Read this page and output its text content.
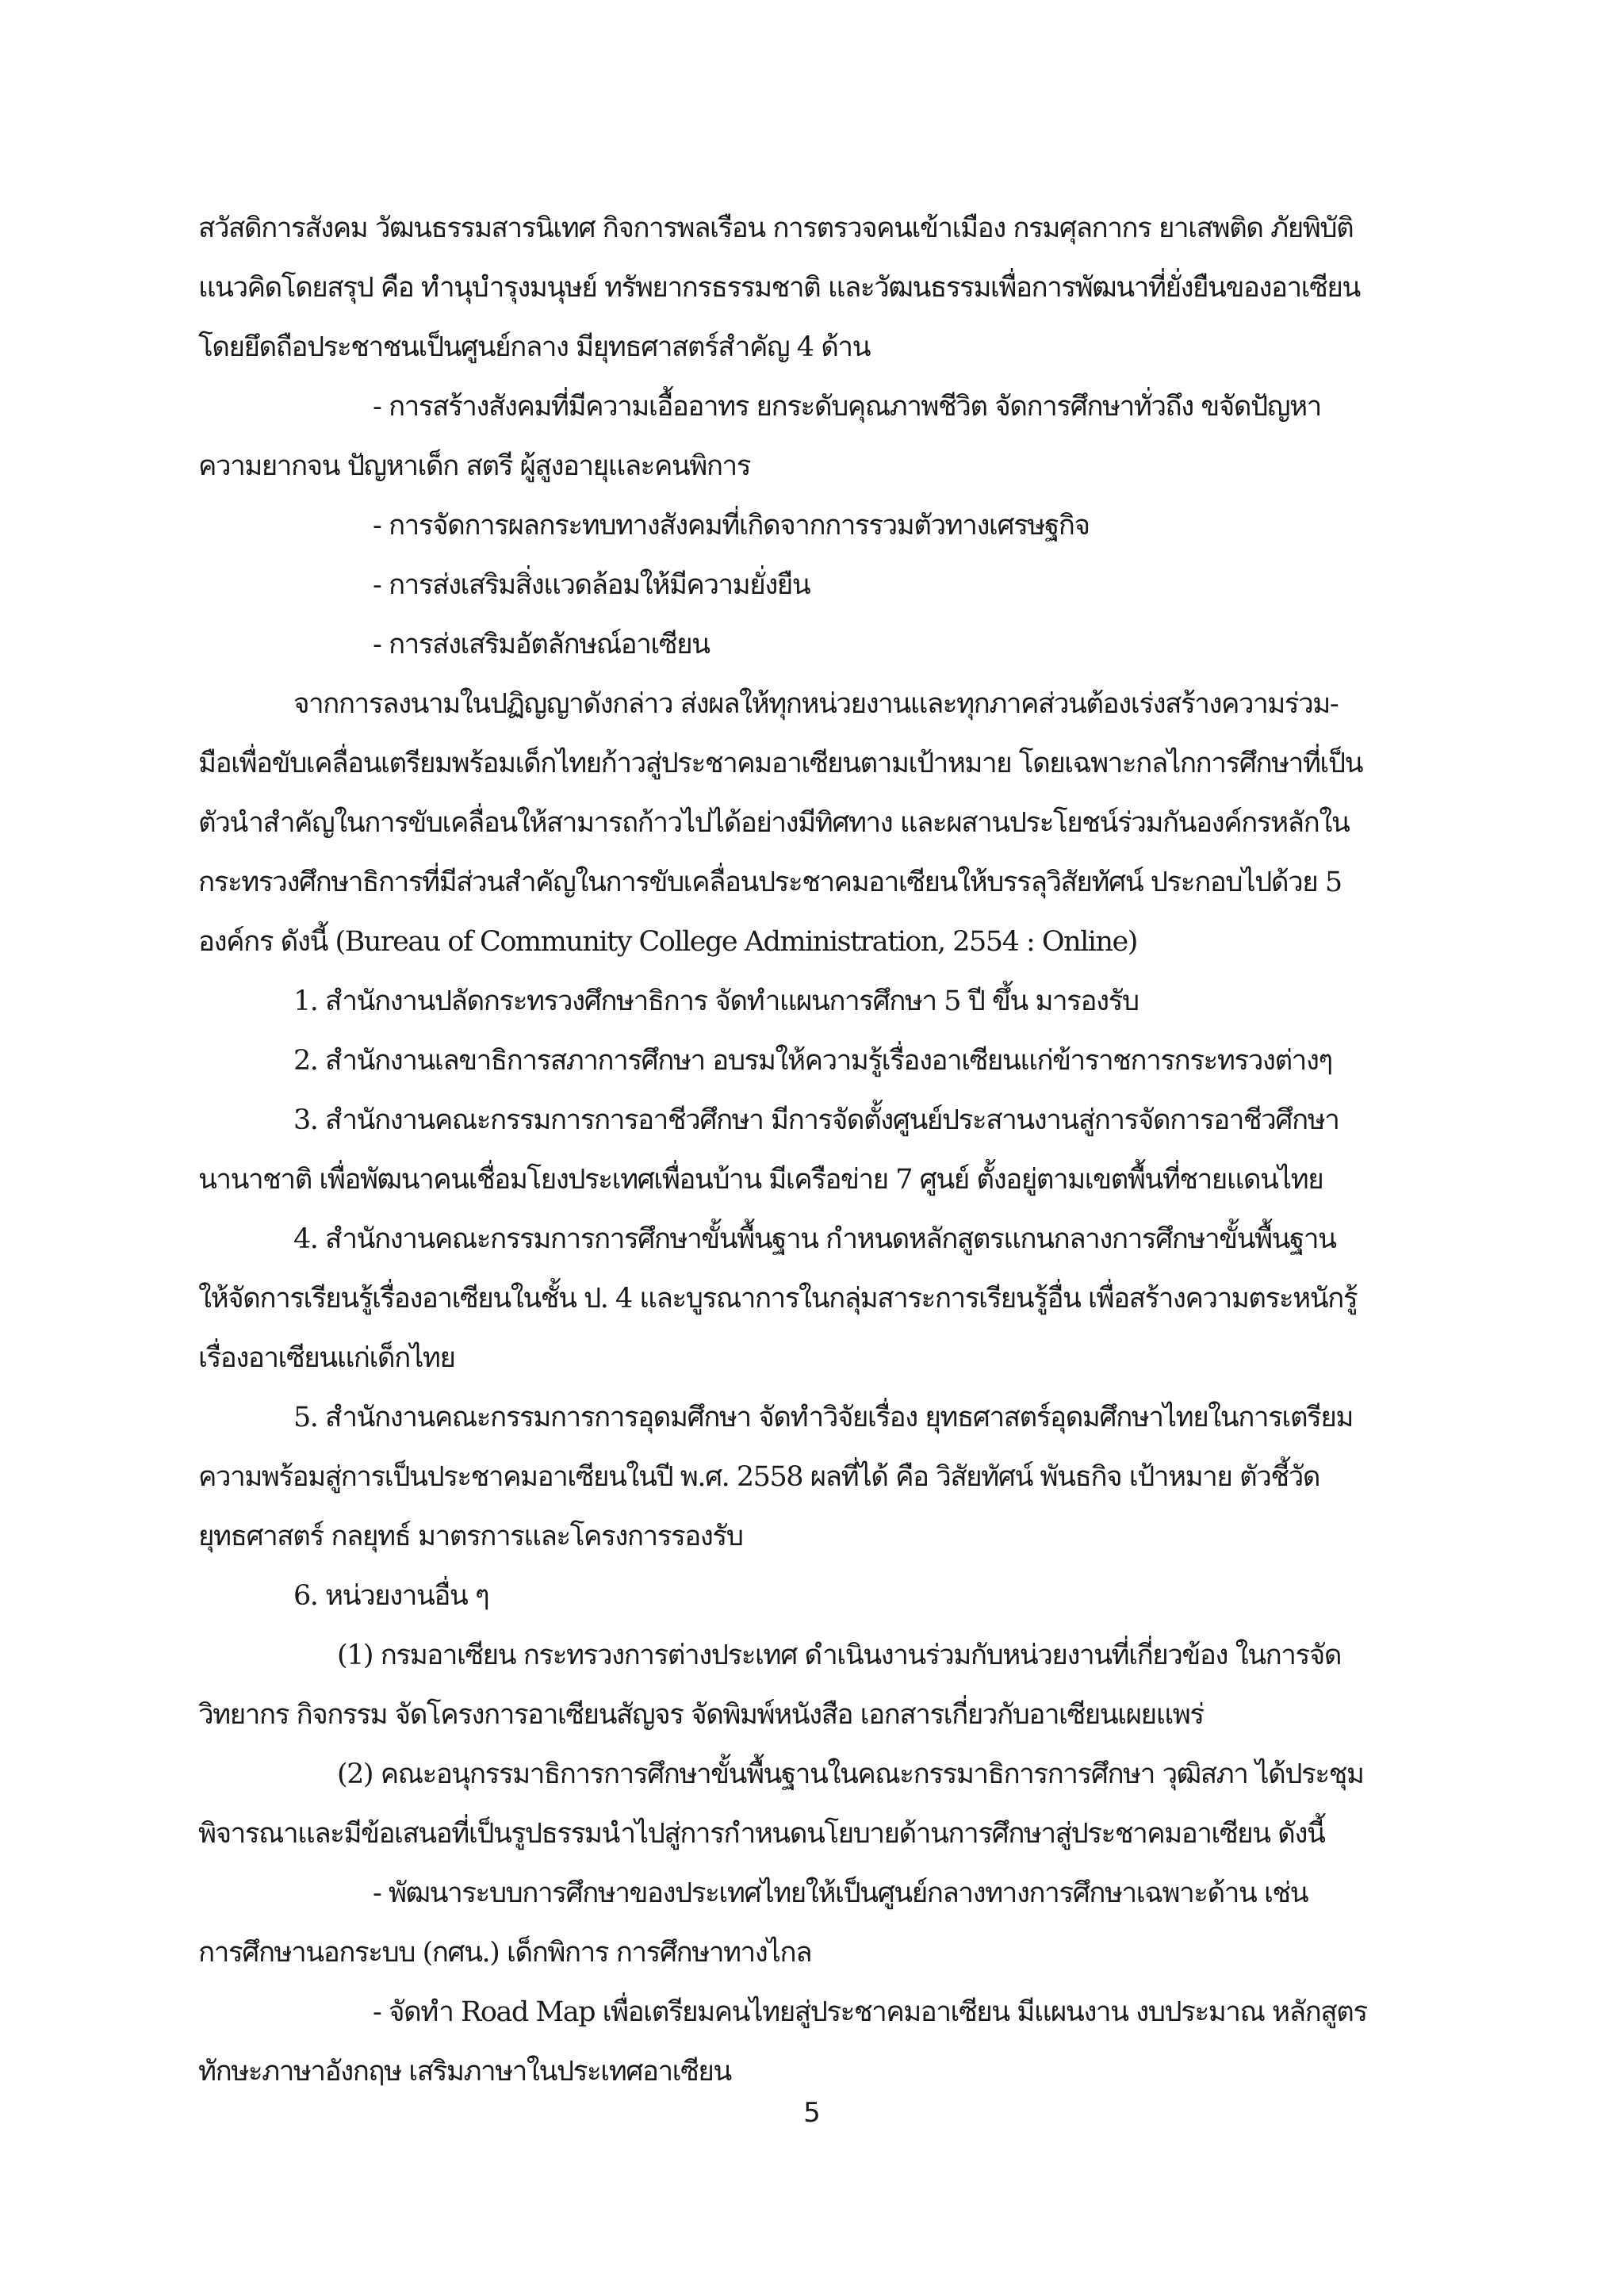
สวัสดิการสังคม วัฒนธรรมสารนิเทศ กิจการพลเรือน การตรวจคนเข้าเมือง กรมศุลกากร ยาเสพติด ภัยพิบัติ

แนวคิดโดยสรุป คือ ทำนุบำรุงมนุษย์ ทรัพยากรธรรมชาติ และวัฒนธรรมเพื่อการพัฒนาที่ยั่งยืนของอาเซียน

โดยยึดถือประชาชนเป็นศูนย์กลาง มียุทธศาสตร์สำคัญ 4 ด้าน

- การสร้างสังคมที่มีความเอื้ออาทร ยกระดับคุณภาพชีวิต จัดการศึกษาทั่วถึง ขจัดปัญหา

ความยากจน ปัญหาเด็ก สตรี ผู้สูงอายุและคนพิการ

- การจัดการผลกระทบทางสังคมที่เกิดจากการรวมตัวทางเศรษฐกิจ

- การส่งเสริมสิ่งแวดล้อมให้มีความยั่งยืน

- การส่งเสริมอัตลักษณ์อาเซียน

จากการลงนามในปฏิญญาดังกล่าว ส่งผลให้ทุกหน่วยงานและทุกภาคส่วนต้องเร่งสร้างความร่วม-

มือเพื่อขับเคลื่อนเตรียมพร้อมเด็กไทยก้าวสู่ประชาคมอาเซียนตามเป้าหมาย โดยเฉพาะกลไกการศึกษาที่เป็น

ตัวนำสำคัญในการขับเคลื่อนให้สามารถก้าวไปได้อย่างมีทิศทาง และผสานประโยชน์ร่วมกันองค์กรหลักใน

กระทรวงศึกษาธิการที่มีส่วนสำคัญในการขับเคลื่อนประชาคมอาเซียนให้บรรลุวิสัยทัศน์ ประกอบไปด้วย 5

องค์กร ดังนี้ (Bureau of Community College Administration, 2554 : Online)

1. สำนักงานปลัดกระทรวงศึกษาธิการ จัดทำแผนการศึกษา 5 ปี ขึ้น มารองรับ

2. สำนักงานเลขาธิการสภาการศึกษา อบรมให้ความรู้เรื่องอาเซียนแก่ข้าราชการกระทรวงต่างๆ

3. สำนักงานคณะกรรมการการอาชีวศึกษา มีการจัดตั้งศูนย์ประสานงานสู่การจัดการอาชีวศึกษา

นานาชาติ เพื่อพัฒนาคนเชื่อมโยงประเทศเพื่อนบ้าน มีเครือข่าย 7 ศูนย์ ตั้งอยู่ตามเขตพื้นที่ชายแดนไทย

4. สำนักงานคณะกรรมการการศึกษาขั้นพื้นฐาน กำหนดหลักสูตรแกนกลางการศึกษาขั้นพื้นฐาน

ให้จัดการเรียนรู้เรื่องอาเซียนในชั้น ป. 4 และบูรณาการในกลุ่มสาระการเรียนรู้อื่น เพื่อสร้างความตระหนักรู้

เรื่องอาเซียนแก่เด็กไทย

5. สำนักงานคณะกรรมการการอุดมศึกษา จัดทำวิจัยเรื่อง ยุทธศาสตร์อุดมศึกษาไทยในการเตรียม

ความพร้อมสู่การเป็นประชาคมอาเซียนในปี พ.ศ. 2558 ผลที่ได้ คือ วิสัยทัศน์ พันธกิจ เป้าหมาย ตัวชี้วัด

ยุทธศาสตร์ กลยุทธ์ มาตรการและโครงการรองรับ

6. หน่วยงานอื่น ๆ

(1) กรมอาเซียน กระทรวงการต่างประเทศ ดำเนินงานร่วมกับหน่วยงานที่เกี่ยวข้อง ในการจัด

วิทยากร กิจกรรม จัดโครงการอาเซียนสัญจร จัดพิมพ์หนังสือ เอกสารเกี่ยวกับอาเซียนเผยแพร่

(2) คณะอนุกรรมาธิการการศึกษาขั้นพื้นฐานในคณะกรรมาธิการการศึกษา วุฒิสภา ได้ประชุม

พิจารณาและมีข้อเสนอที่เป็นรูปธรรมนำไปสู่การกำหนดนโยบายด้านการศึกษาสู่ประชาคมอาเซียน ดังนี้

- พัฒนาระบบการศึกษาของประเทศไทยให้เป็นศูนย์กลางทางการศึกษาเฉพาะด้าน เช่น

การศึกษานอกระบบ (กศน.) เด็กพิการ การศึกษาทางไกล

- จัดทำ Road Map เพื่อเตรียมคนไทยสู่ประชาคมอาเซียน มีแผนงาน งบประมาณ หลักสูตร

ทักษะภาษาอังกฤษ เสริมภาษาในประเทศอาเซียน

5
